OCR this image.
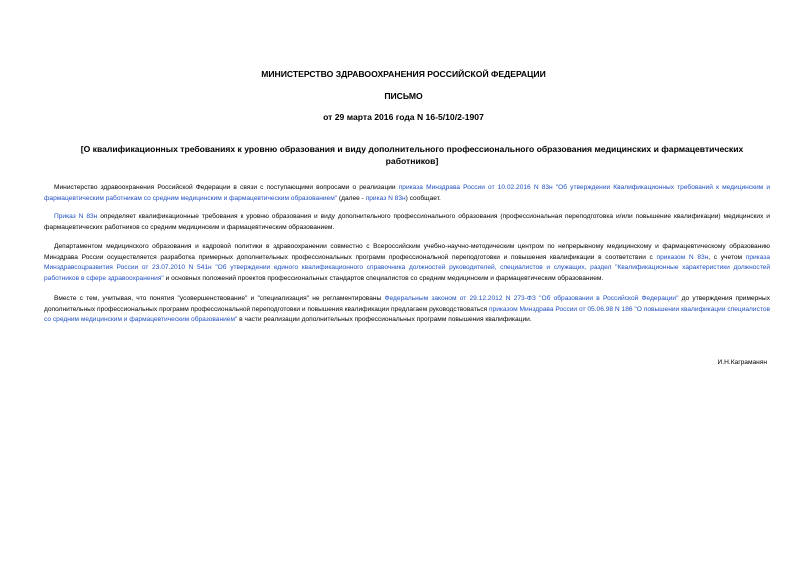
МИНИСТЕРСТВО ЗДРАВООХРАНЕНИЯ РОССИЙСКОЙ ФЕДЕРАЦИИ
ПИСЬМО
от 29 марта 2016 года N 16-5/10/2-1907
[О квалификационных требованиях к уровню образования и виду дополнительного профессионального образования медицинских и фармацевтических работников]

Министерство здравоохранения Российской Федерации в связи с поступающими вопросами о реализации приказа Минздрава России от 10.02.2016 N 83н "Об утверждении Квалификационных требований к медицинским и фармацевтическим работникам со средним медицинским и фармацевтическим образованием" (далее - приказ N 83н) сообщает.

Приказ N 83н определяет квалификационные требования к уровню образования и виду дополнительного профессионального образования (профессиональная переподготовка и/или повышение квалификации) медицинских и фармацевтических работников со средним медицинским и фармацевтическим образованием.

Департаментом медицинского образования и кадровой политики в здравоохранении совместно с Всероссийским учебно-научно-методическим центром по непрерывному медицинскому и фармацевтическому образованию Минздрава России осуществляется разработка примерных дополнительных профессиональных программ профессиональной переподготовки и повышения квалификации в соответствии с приказом N 83н, с учетом приказа Минздравсоцразвития России от 23.07.2010 N 541н "Об утверждении единого квалификационного справочника должностей руководителей, специалистов и служащих, раздел "Квалификационные характеристики должностей работников в сфере здравоохранения" и основных положений проектов профессиональных стандартов специалистов со средним медицинским и фармацевтическим образованием.

Вместе с тем, учитывая, что понятия "усовершенствование" и "специализация" не регламентированы Федеральным законом от 29.12.2012 N 273-ФЗ "Об образовании в Российской Федерации" до утверждения примерных дополнительных профессиональных программ профессиональной переподготовки и повышения квалификации предлагаем руководствоваться приказом Минздрава России от 05.06.98 N 186 "О повышении квалификации специалистов со средним медицинским и фармацевтическим образованием" в части реализации дополнительных профессиональных программ повышения квалификации.

И.Н.Каграманян
